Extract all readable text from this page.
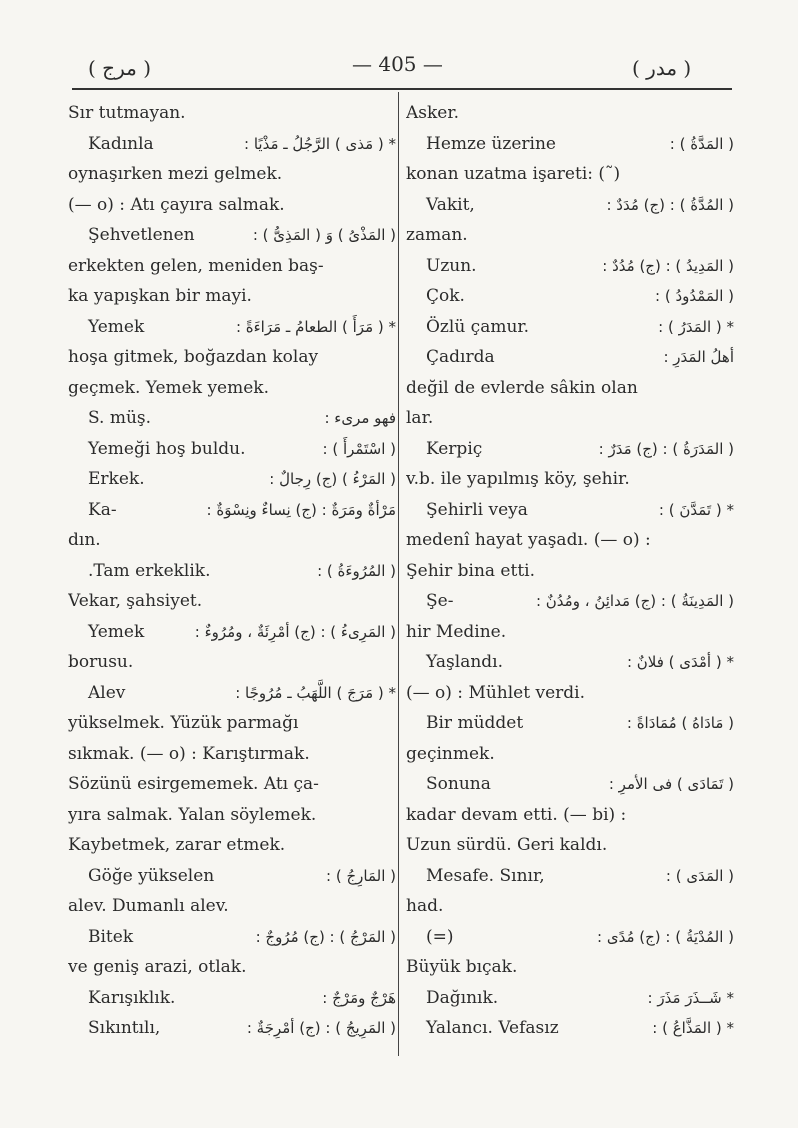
( مرج )	— 405 —	( مدر )
Sır tutmayan.
Kadınla	* ( مَذى ) الرَّجُلُ ـ مَذْيًا :
oynaşırken mezi gelmek.
(— o) : Atı çayıra salmak.
Şehvetlenen	( المَذْىُ ) وَ ( المَذِىُّ ) :
erkekten gelen, meniden baş-
ka yapışkan bir mayi.
Yemek	* ( مَرَأَ ) الطعامُ ـ مَرَاءَةً :
hoşa gitmek, boğazdan kolay
geçmek. Yemek yemek.
S. müş.	فهو مرىء :
Yemeği hoş buldu.	( اسْتَمْرأَ ) :
Erkek.	( المَرْءُ ) (ج) رِجالٌ :
Ka-	مَرْأةٌ ومَرَةٌ : (ج) نِساءٌ ونِسْوَةٌ :
dın.
.Tam erkeklik.	( المُرُوءَةُ ) :
Vekar, şahsiyet.
Yemek	( المَرِىءُ ) : (ج) أمْرِئَةٌ ، ومُرُوءٌ :
borusu.
Alev	* ( مَرَجَ ) اللَّهَبُ ـ مُرُوجًا :
yükselmek. Yüzük parmağı
sıkmak. (— o) : Karıştırmak.
Sözünü esirgememek. Atı ça-
yıra salmak. Yalan söylemek.
Kaybetmek, zarar etmek.
Göğe yükselen	( المَارِجُ ) :
alev. Dumanlı alev.
Bitek	( المَرْجُ ) : (ج) مُرُوجٌ :
ve geniş arazi, otlak.
Karışıklık.	هَرْجٌ ومَرْجٌ :
Sıkıntılı,	( المَرِيجُ ) : (ج) أمْرِجَةٌ :
Asker.
Hemze üzerine	( المَدَّةُ ) :
konan uzatma işareti: (˜)
Vakit,	( المُدَّةُ ) : (ج) مُدَدٌ :
zaman.
Uzun.	( المَدِيدُ ) : (ج) مُدُدٌ :
Çok.	( المَمْدُودُ ) :
Özlü çamur.	* ( المَدَرُ ) :
Çadırda	أهلُ المَدَرِ :
değil de evlerde sâkin olan
lar.
Kerpiç	( المَدَرَةُ ) : (ج) مَدَرٌ :
v.b. ile yapılmış köy, şehir.
Şehirli veya	* ( تَمَدَّنَ ) :
medenî hayat yaşadı. (— o) :
Şehir bina etti.
Şe-	( المَدِينَةُ ) : (ج) مَدائِنُ ، ومُدُنٌ :
hir Medine.
Yaşlandı.	* ( أمْدَى ) فلانٌ :
(— o) : Mühlet verdi.
Bir müddet	( مَادَاهُ ) مُمَادَاةً :
geçinmek.
Sonuna	( تَمَادَى ) فى الأمرِ :
kadar devam etti. (— bi) :
Uzun sürdü. Geri kaldı.
Mesafe. Sınır,	( المَدَى ) :
had.
(=)	( المُدْيَةُ ) : (ج) مُدًى :
Büyük bıçak.
Dağınık.	* شَــذَرَ مَذَرَ :
Yalancı. Vefasız	* ( المَذَّاعُ ) :
